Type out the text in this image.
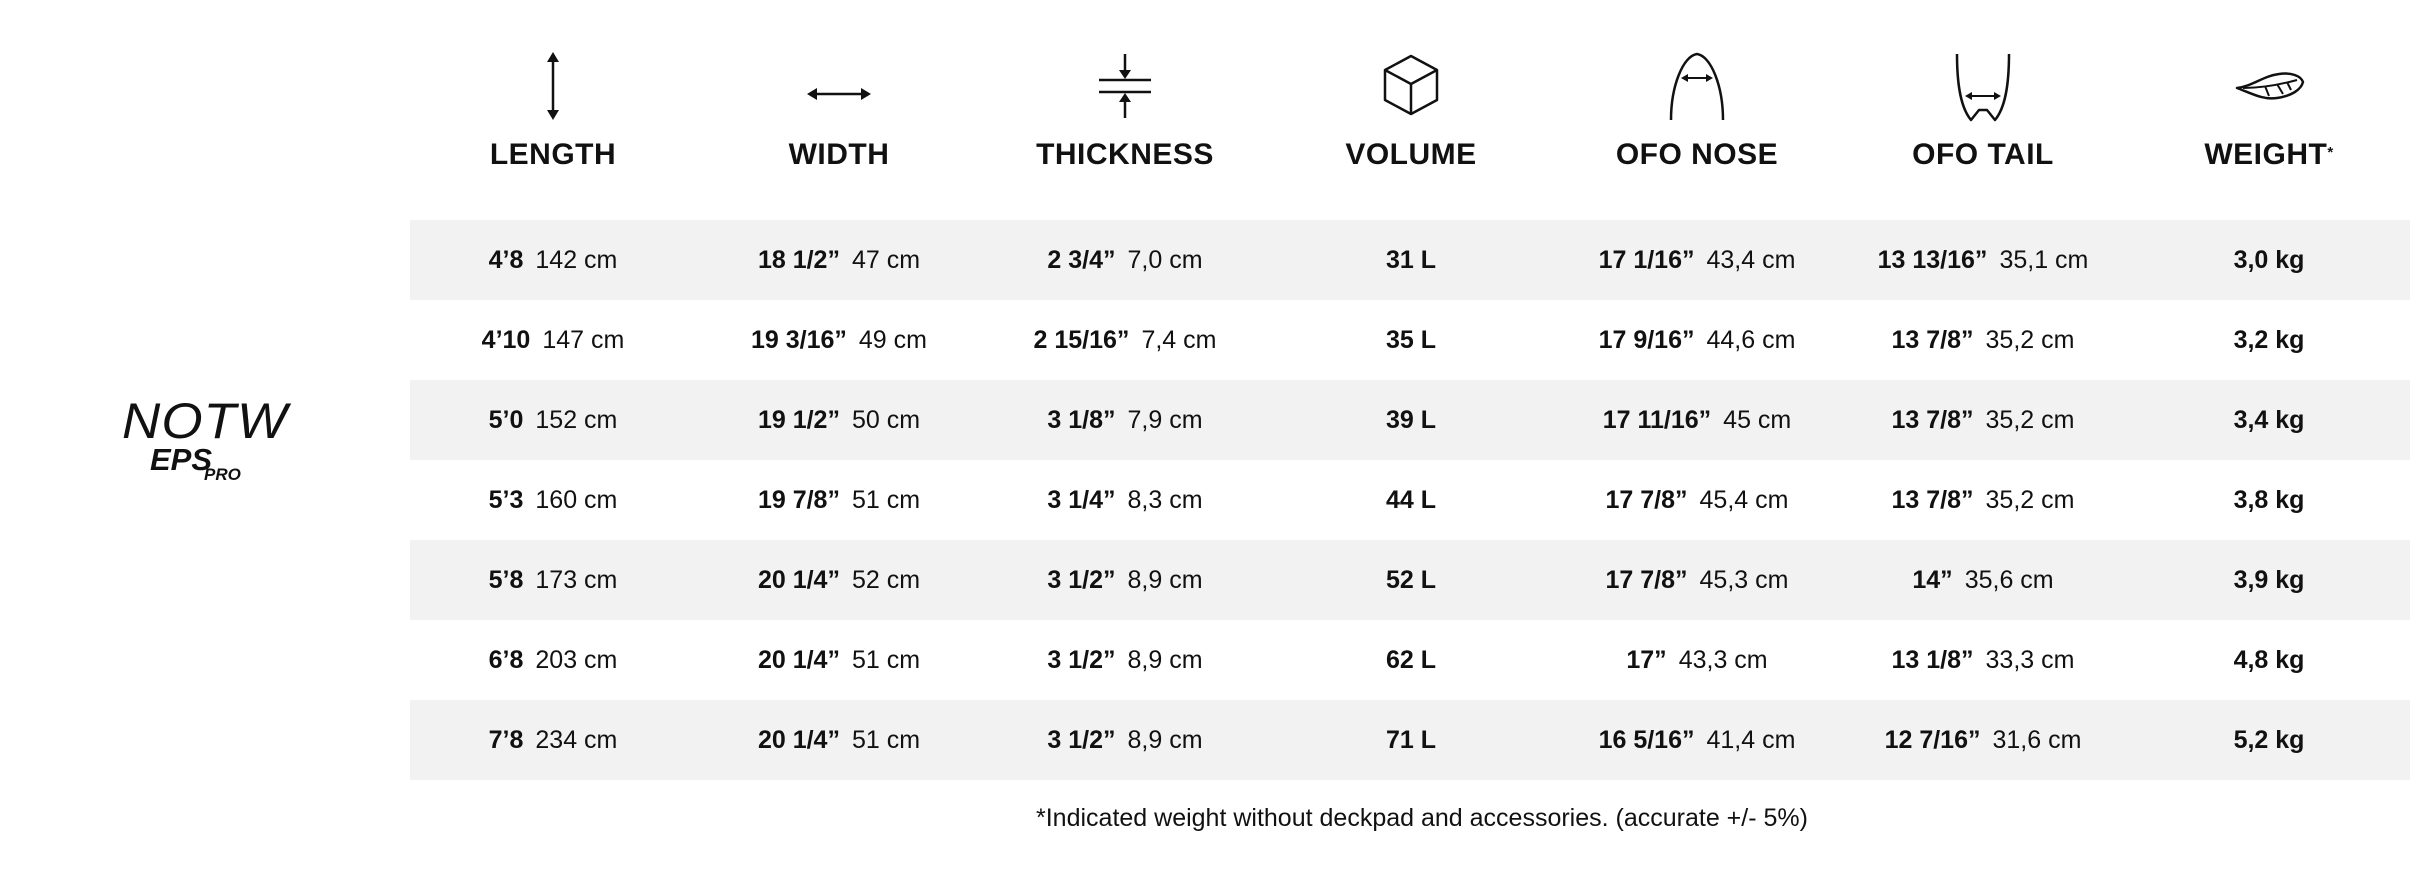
NOTW
EPS
PRO
LENGTH	WIDTH	THICKNESS	VOLUME	OFO NOSE	OFO TAIL	WEIGHT*
4’8 142 cm	18 1/2” 47 cm	2 3/4” 7,0 cm	31 L	17 1/16” 43,4 cm	13 13/16” 35,1 cm	3,0 kg
4’10 147 cm	19 3/16” 49 cm	2 15/16” 7,4 cm	35 L	17 9/16” 44,6 cm	13 7/8” 35,2 cm	3,2 kg
5’0 152 cm	19 1/2” 50 cm	3 1/8” 7,9 cm	39 L	17 11/16” 45 cm	13 7/8” 35,2 cm	3,4 kg
5’3 160 cm	19 7/8” 51 cm	3 1/4” 8,3 cm	44 L	17 7/8” 45,4 cm	13 7/8” 35,2 cm	3,8 kg
5’8 173 cm	20 1/4” 52 cm	3 1/2” 8,9 cm	52 L	17 7/8” 45,3 cm	14” 35,6 cm	3,9 kg
6’8 203 cm	20 1/4” 51 cm	3 1/2” 8,9 cm	62 L	17” 43,3 cm	13 1/8” 33,3 cm	4,8 kg
7’8 234 cm	20 1/4” 51 cm	3 1/2” 8,9 cm	71 L	16 5/16” 41,4 cm	12 7/16” 31,6 cm	5,2 kg
*Indicated weight without deckpad and accessories. (accurate +/- 5%)
